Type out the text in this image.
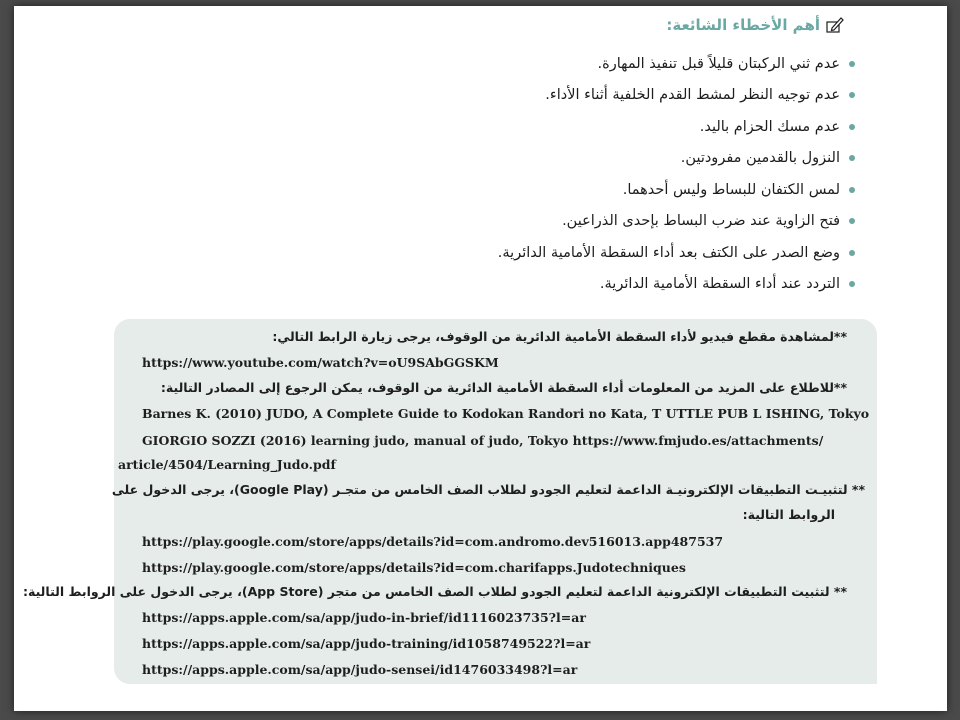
أهم الأخطاء الشائعة:
عدم ثني الركبتان قليلاً قبل تنفيذ المهارة.
عدم توجيه النظر لمشط القدم الخلفية أثناء الأداء.
عدم مسك الحزام باليد.
النزول بالقدمين مفرودتين.
لمس الكتفان للبساط وليس أحدهما.
فتح الزاوية عند ضرب البساط بإحدى الذراعين.
وضع الصدر على الكتف بعد أداء السقطة الأمامية الدائرية.
التردد عند أداء السقطة الأمامية الدائرية.
**لمشاهدة مقطع فيديو لأداء السقطة الأمامية الدائرية من الوقوف، يرجى زيارة الرابط التالي:
https://www.youtube.com/watch?v=oU9SAbGGSKM
**للاطلاع على المزيد من المعلومات أداء السقطة الأمامية الدائرية من الوقوف، يمكن الرجوع إلى المصادر التالية:
Barnes K. (2010) JUDO, A Complete Guide to Kodokan Randori no Kata, T UTTLE PUB L ISHING, Tokyo
GIORGIO SOZZI (2016) learning judo, manual of judo, Tokyo https://www.fmjudo.es/attachments/
article/4504/Learning_Judo.pdf
** لتثبيـت التطبيقات الإلكترونيـة الداعمة لتعليم الجودو لطلاب الصف الخامس من متجـر (Google Play)، يرجى الدخول على
الروابط التالية:
https://play.google.com/store/apps/details?id=com.andromo.dev516013.app487537
https://play.google.com/store/apps/details?id=com.charifapps.Judotechniques
** لتثبيت التطبيقات الإلكترونية الداعمة لتعليم الجودو لطلاب الصف الخامس من متجر (App Store)، يرجى الدخول على الروابط التالية:
https://apps.apple.com/sa/app/judo-in-brief/id1116023735?l=ar
https://apps.apple.com/sa/app/judo-training/id1058749522?l=ar
https://apps.apple.com/sa/app/judo-sensei/id1476033498?l=ar
